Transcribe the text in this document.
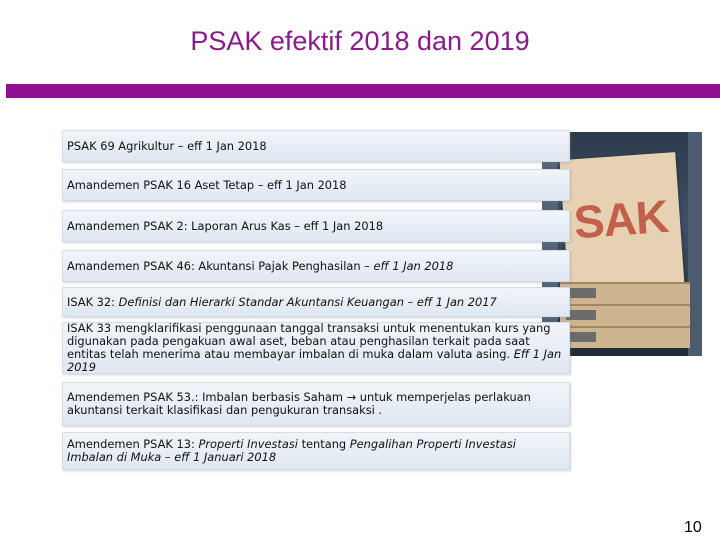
PSAK efektif 2018 dan 2019
SAK
PSAK 69 Agrikultur – eff 1 Jan 2018
Amandemen PSAK 16 Aset Tetap – eff 1 Jan 2018
Amandemen PSAK 2: Laporan Arus Kas – eff 1 Jan 2018
Amandemen PSAK 46: Akuntansi Pajak Penghasilan – eff 1 Jan 2018
ISAK 32: Definisi dan Hierarki Standar Akuntansi Keuangan – eff 1 Jan 2017
ISAK 33 mengklarifikasi penggunaan tanggal transaksi untuk menentukan kurs yang digunakan pada pengakuan awal aset, beban atau penghasilan terkait pada saat entitas telah menerima atau membayar imbalan di muka dalam valuta asing. Eff 1 Jan 2019
Amendemen PSAK 53.: Imbalan berbasis Saham → untuk memperjelas perlakuan akuntansi terkait klasifikasi dan pengukuran transaksi .
Amendemen PSAK 13: Properti Investasi tentang Pengalihan Properti Investasi Imbalan di Muka – eff 1 Januari 2018
10
